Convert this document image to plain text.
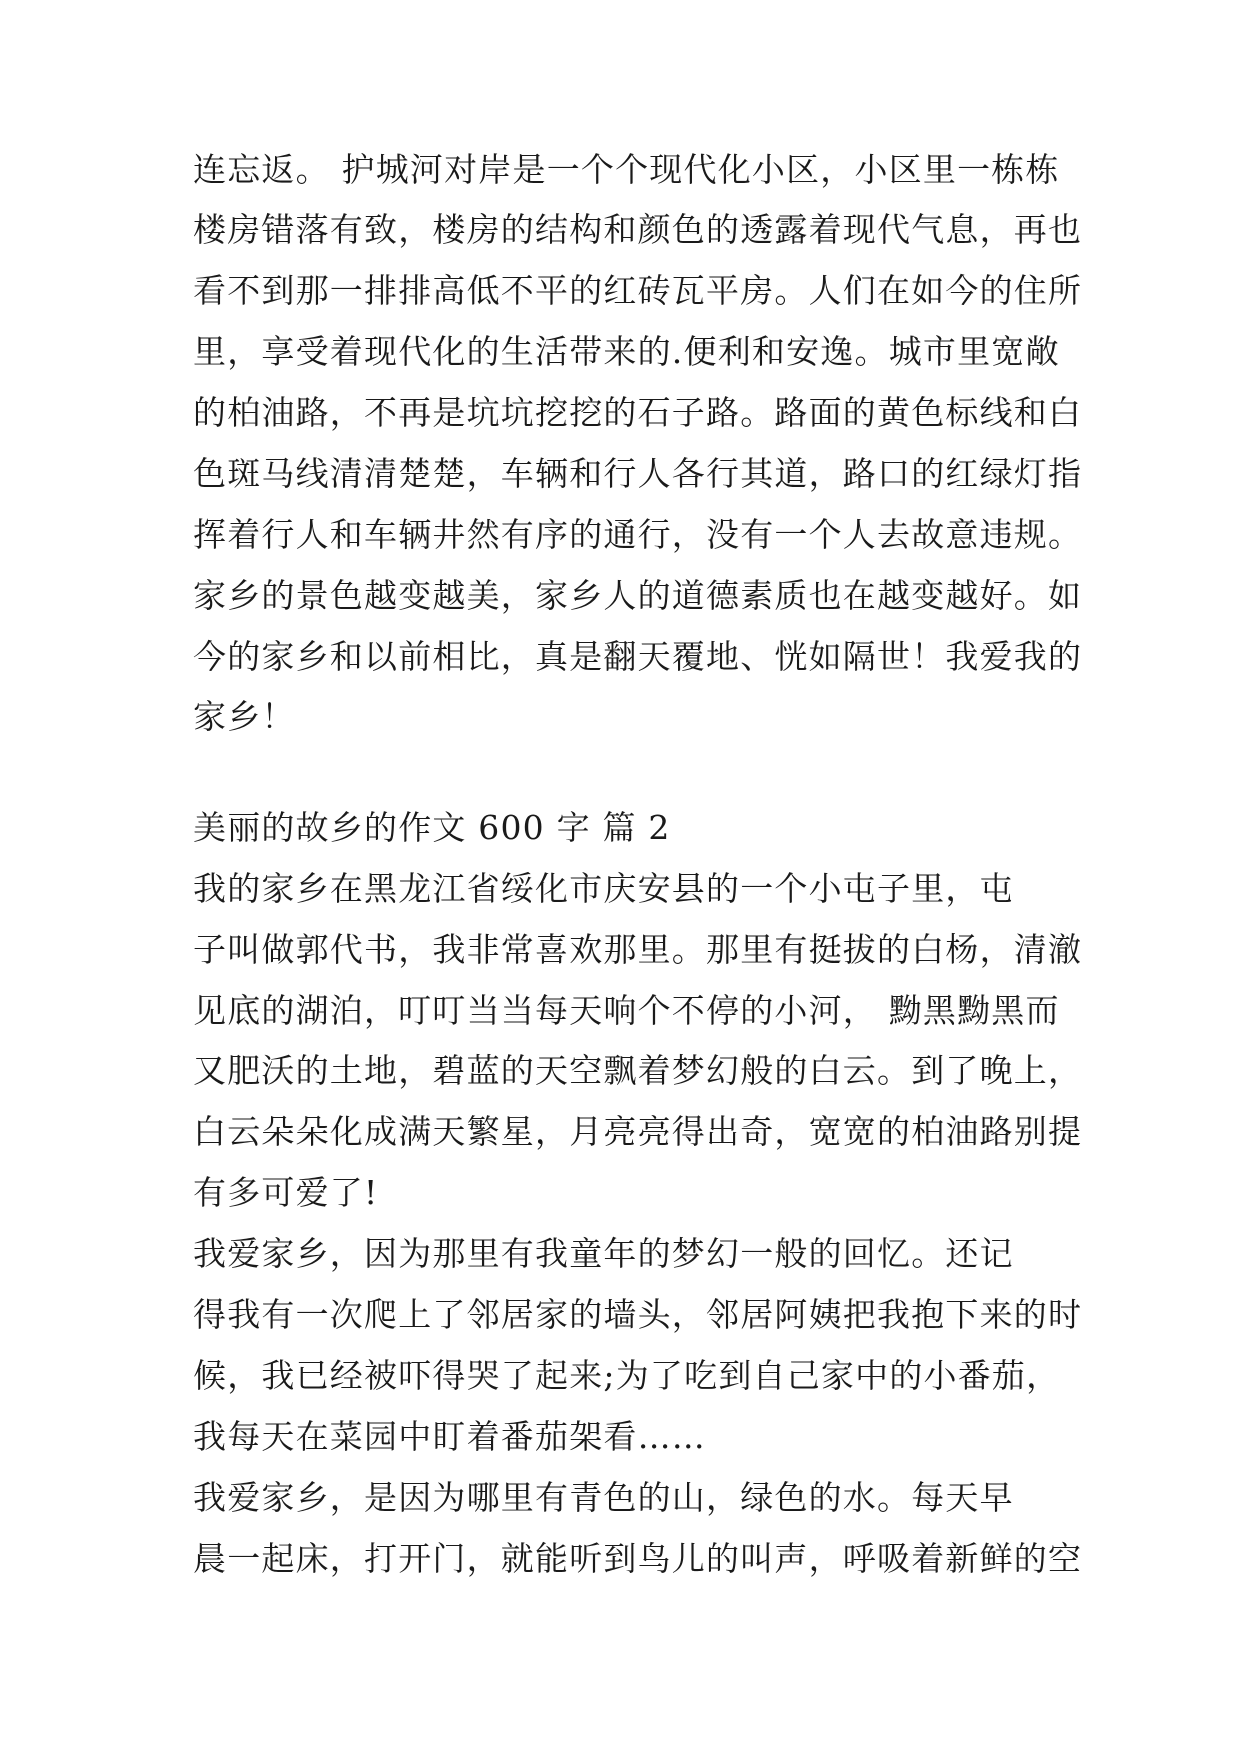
连忘返。 护城河对岸是一个个现代化小区，小区里一栋栋
楼房错落有致，楼房的结构和颜色的透露着现代气息，再也
看不到那一排排高低不平的红砖瓦平房。人们在如今的住所
里，享受着现代化的生活带来的.便利和安逸。城市里宽敞
的柏油路，不再是坑坑挖挖的石子路。路面的黄色标线和白
色斑马线清清楚楚，车辆和行人各行其道，路口的红绿灯指
挥着行人和车辆井然有序的通行，没有一个人去故意违规。
家乡的景色越变越美，家乡人的道德素质也在越变越好。如
今的家乡和以前相比，真是翻天覆地、恍如隔世！我爱我的
家乡！
美丽的故乡的作文 600 字 篇 2
我的家乡在黑龙江省绥化市庆安县的一个小屯子里，屯
子叫做郭代书，我非常喜欢那里。那里有挺拔的白杨，清澈
见底的湖泊，叮叮当当每天响个不停的小河， 黝黑黝黑而
又肥沃的土地，碧蓝的天空飘着梦幻般的白云。到了晚上，
白云朵朵化成满天繁星，月亮亮得出奇，宽宽的柏油路别提
有多可爱了!
我爱家乡，因为那里有我童年的梦幻一般的回忆。还记
得我有一次爬上了邻居家的墙头，邻居阿姨把我抱下来的时
候，我已经被吓得哭了起来;为了吃到自己家中的小番茄，
我每天在菜园中盯着番茄架看……
我爱家乡，是因为哪里有青色的山，绿色的水。每天早
晨一起床，打开门，就能听到鸟儿的叫声，呼吸着新鲜的空
